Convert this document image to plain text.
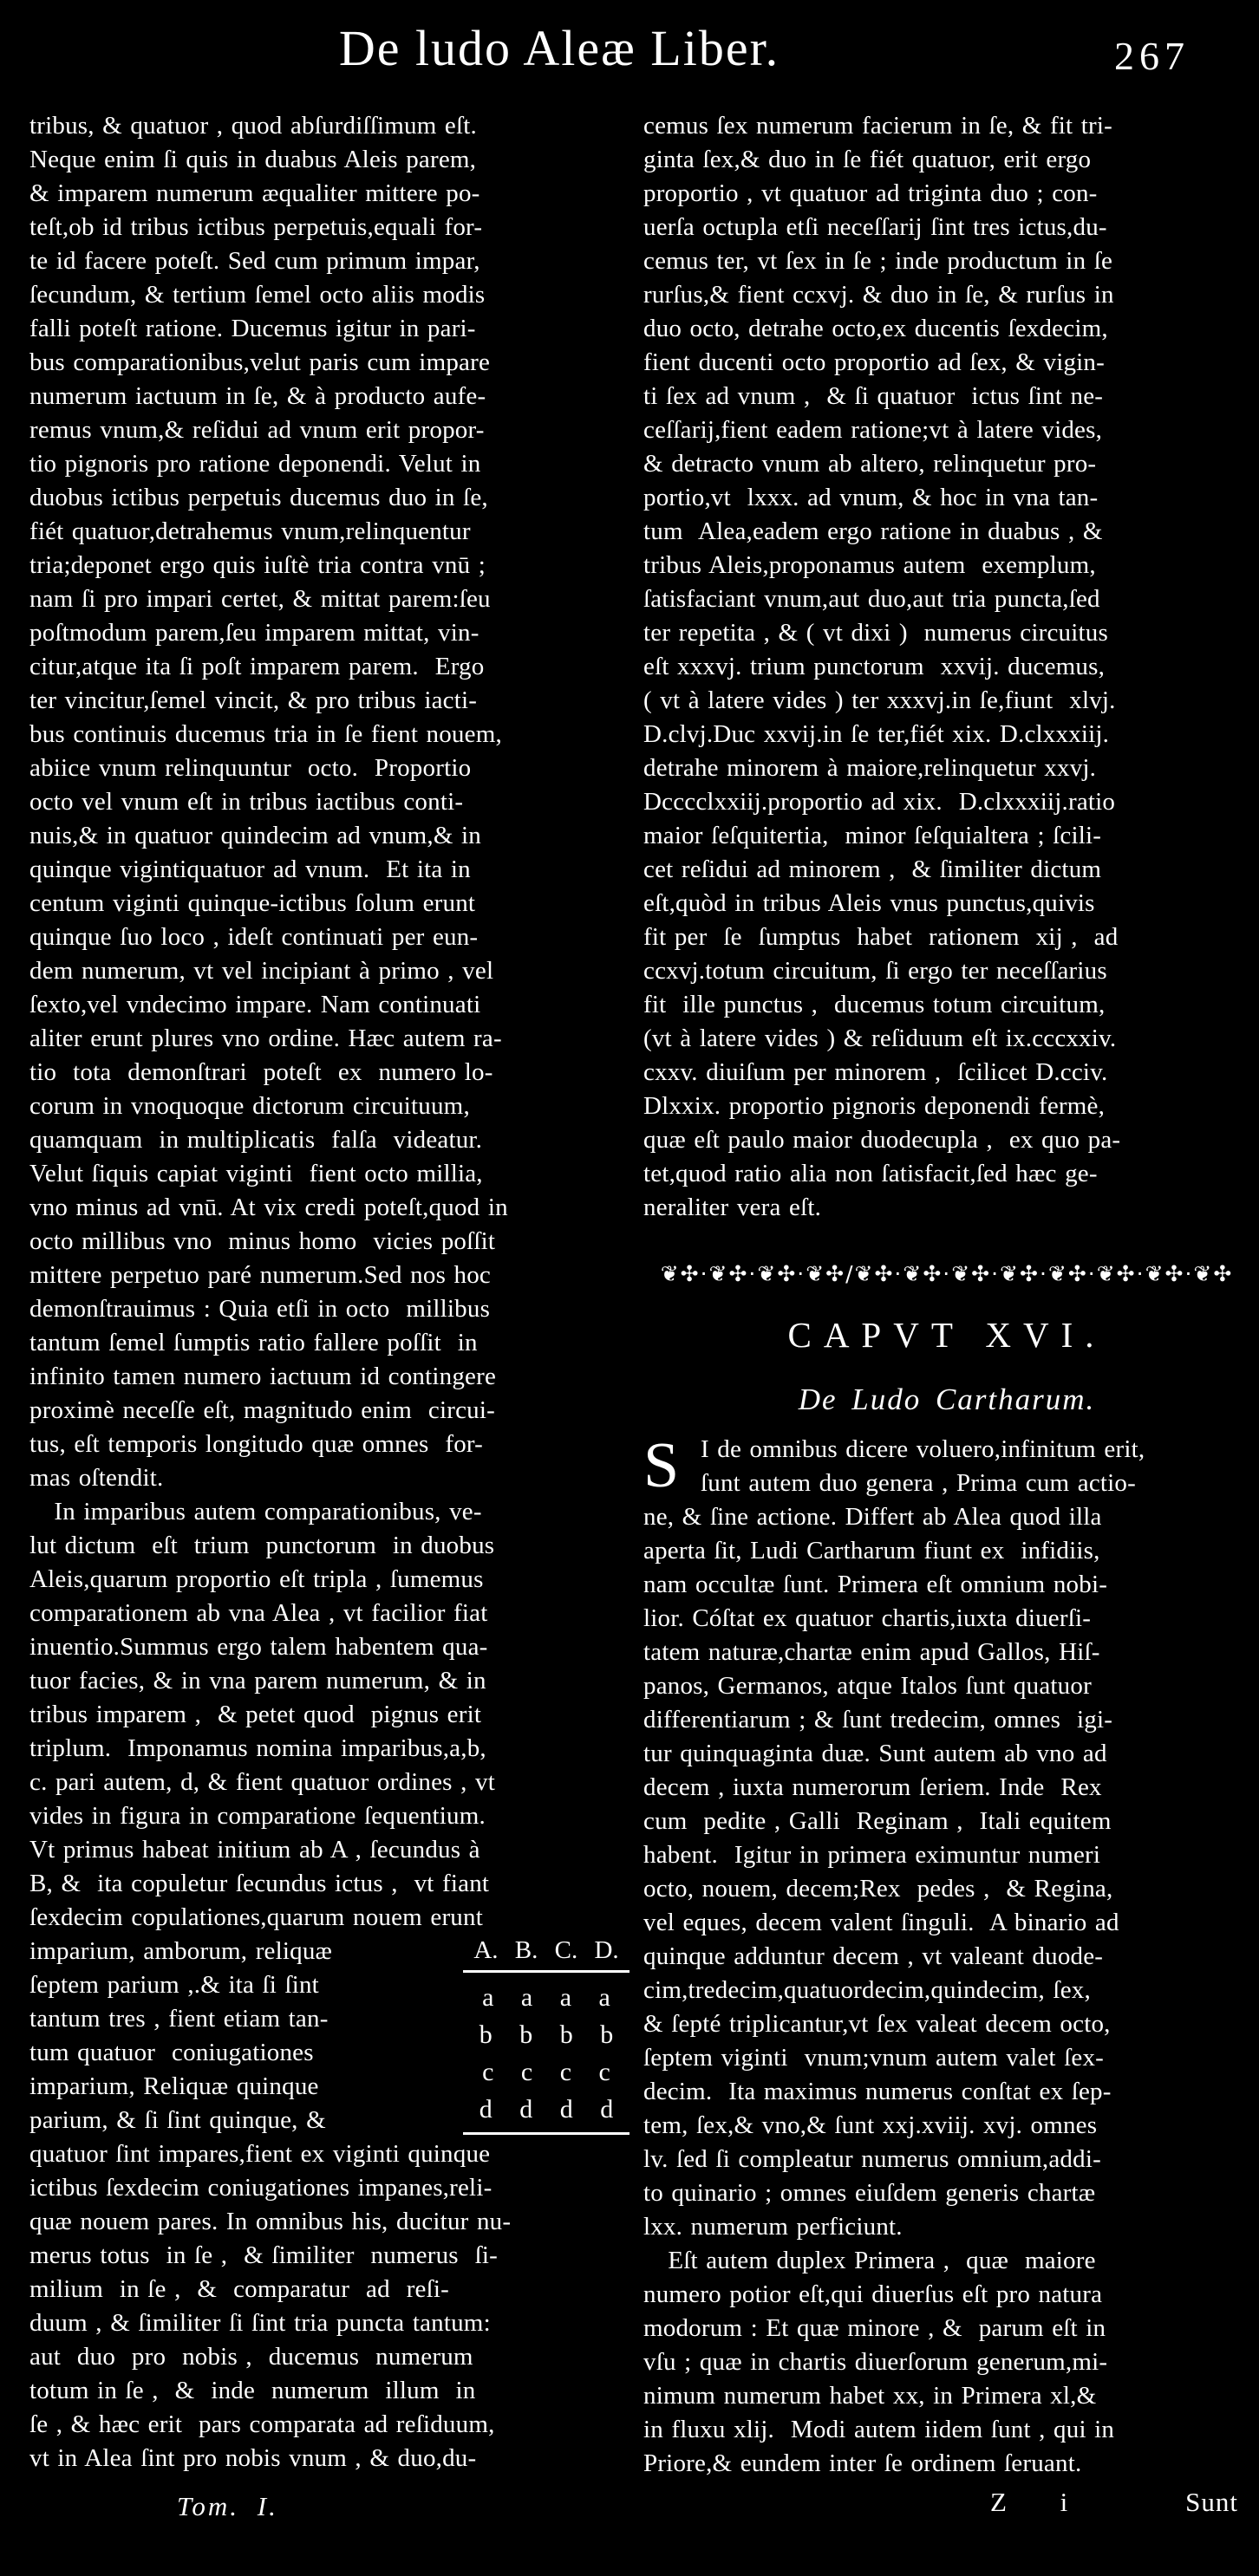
De ludo Aleæ Liber.	267
tribus, & quatuor , quod abſurdiſſimum eſt.
Neque enim ſi quis in duabus Aleis parem,
& imparem numerum æqualiter mittere po-
teſt,ob id tribus ictibus perpetuis,equali for-
te id facere poteſt. Sed cum primum impar,
ſecundum, & tertium ſemel octo aliis modis
falli poteſt ratione. Ducemus igitur in pari-
bus comparationibus,velut paris cum impare
numerum iactuum in ſe, & à producto aufe-
remus vnum,& reſidui ad vnum erit propor-
tio pignoris pro ratione deponendi. Velut in
duobus ictibus perpetuis ducemus duo in ſe,
fiét quatuor,detrahemus vnum,relinquentur
tria;deponet ergo quis iuſtè tria contra vnū ;
nam ſi pro impari certet, & mittat parem:ſeu
poſtmodum parem,ſeu imparem mittat, vin-
citur,atque ita ſi poſt imparem parem.  Ergo
ter vincitur,ſemel vincit, & pro tribus iacti-
bus continuis ducemus tria in ſe fient nouem,
abiice vnum relinquuntur  octo.  Proportio
octo vel vnum eſt in tribus iactibus conti-
nuis,& in quatuor quindecim ad vnum,& in
quinque vigintiquatuor ad vnum.  Et ita in
centum viginti quinque-ictibus ſolum erunt
quinque ſuo loco , ideſt continuati per eun-
dem numerum, vt vel incipiant à primo , vel
ſexto,vel vndecimo impare. Nam continuati
aliter erunt plures vno ordine. Hæc autem ra-
tio  tota  demonſtrari  poteſt  ex  numero lo-
corum in vnoquoque dictorum circuituum,
quamquam  in multiplicatis  falſa  videatur.
Velut ſiquis capiat viginti  fient octo millia,
vno minus ad vnū. At vix credi poteſt,quod in
octo millibus vno  minus homo  vicies poſſit
mittere perpetuo paré numerum.Sed nos hoc
demonſtrauimus : Quia etſi in octo  millibus
tantum ſemel ſumptis ratio fallere poſſit  in
infinito tamen numero iactuum id contingere
proximè neceſſe eſt, magnitudo enim  circui-
tus, eſt temporis longitudo quæ omnes  for-
mas oſtendit.
In imparibus autem comparationibus, ve-
lut dictum  eſt  trium  punctorum  in duobus
Aleis,quarum proportio eſt tripla , ſumemus
comparationem ab vna Alea , vt facilior fiat
inuentio.Summus ergo talem habentem qua-
tuor facies, & in vna parem numerum, & in
tribus imparem ,  & petet quod  pignus erit
triplum.  Imponamus nomina imparibus,a,b,
c. pari autem, d, & fient quatuor ordines , vt
vides in figura in comparatione ſequentium.
Vt primus habeat initium ab A , ſecundus à
B, &  ita copuletur ſecundus ictus ,  vt fiant
ſexdecim copulationes,quarum nouem erunt
A. B. C. D.
a a a a
b b b b
c c c c
d d d d
imparium, amborum, reliquæ
ſeptem parium ,.& ita ſi ſint
tantum tres , fient etiam tan-
tum quatuor  coniugationes
imparium, Reliquæ quinque
parium, & ſi ſint quinque, &
quatuor ſint impares,fient ex viginti quinque
ictibus ſexdecim coniugationes impanes,reli-
quæ nouem pares. In omnibus his, ducitur nu-
merus totus  in ſe ,  & ſimiliter  numerus  ſi-
milium  in ſe ,  &  comparatur  ad  reſi-
duum , & ſimiliter ſi ſint tria puncta tantum:
aut  duo  pro  nobis ,  ducemus  numerum
totum in ſe ,  &  inde  numerum  illum  in
ſe , & hæc erit  pars comparata ad reſiduum,
vt in Alea ſint pro nobis vnum , & duo,du-
Tom. I.
cemus ſex numerum facierum in ſe, & fit tri-
ginta ſex,& duo in ſe fiét quatuor, erit ergo
proportio , vt quatuor ad triginta duo ; con-
uerſa octupla etſi neceſſarij ſint tres ictus,du-
cemus ter, vt ſex in ſe ; inde productum in ſe
rurſus,& fient ccxvj. & duo in ſe, & rurſus in
duo octo, detrahe octo,ex ducentis ſexdecim,
fient ducenti octo proportio ad ſex, & vigin-
ti ſex ad vnum ,  & ſi quatuor  ictus ſint ne-
ceſſarij,fient eadem ratione;vt à latere vides,
& detracto vnum ab altero, relinquetur pro-
portio,vt  lxxx. ad vnum, & hoc in vna tan-
tum  Alea,eadem ergo ratione in duabus , &
tribus Aleis,proponamus autem  exemplum,
ſatisfaciant vnum,aut duo,aut tria puncta,ſed
ter repetita , & ( vt dixi )  numerus circuitus
eſt xxxvj. trium punctorum  xxvij. ducemus,
( vt à latere vides ) ter xxxvj.in ſe,fiunt  xlvj.
D.clvj.Duc xxvij.in ſe ter,fiét xix. D.clxxxiij.
detrahe minorem à maiore,relinquetur xxvj.
Dcccclxxiij.proportio ad xix.  D.clxxxiij.ratio
maior ſeſquitertia,  minor ſeſquialtera ; ſcili-
cet reſidui ad minorem ,  & ſimiliter dictum
eſt,quòd in tribus Aleis vnus punctus,quivis
fit per  ſe  ſumptus  habet  rationem  xij ,  ad
ccxvj.totum circuitum, ſi ergo ter neceſſarius
fit  ille punctus ,  ducemus totum circuitum,
(vt à latere vides ) & reſiduum eſt ix.cccxxiv.
cxxv. diuiſum per minorem ,  ſcilicet D.cciv.
Dlxxix. proportio pignoris deponendi fermè,
quæ eſt paulo maior duodecupla ,  ex quo pa-
tet,quod ratio alia non ſatisfacit,ſed hæc ge-
neraliter vera eſt.
❦✣·❦✣·❦✣·❦✣/❦✣·❦✣·❦✣·❦✣·❦✣·❦✣·❦✣·❦✣
CAPVT XVI.
De Ludo Cartharum.
S I de omnibus dicere voluero,infinitum erit,
ſunt autem duo genera , Prima cum actio-
ne, & ſine actione. Differt ab Alea quod illa
aperta ſit, Ludi Cartharum fiunt ex  infidiis,
nam occultæ ſunt. Primera eſt omnium nobi-
lior. Cóſtat ex quatuor chartis,iuxta diuerſi-
tatem naturæ,chartæ enim apud Gallos, Hiſ-
panos, Germanos, atque Italos ſunt quatuor
differentiarum ; & ſunt tredecim, omnes  igi-
tur quinquaginta duæ. Sunt autem ab vno ad
decem , iuxta numerorum ſeriem. Inde  Rex
cum  pedite , Galli  Reginam ,  Itali equitem
habent.  Igitur in primera eximuntur numeri
octo, nouem, decem;Rex  pedes ,  & Regina,
vel eques, decem valent ſinguli.  A binario ad
quinque adduntur decem , vt valeant duode-
cim,tredecim,quatuordecim,quindecim, ſex,
& ſepté triplicantur,vt ſex valeat decem octo,
ſeptem viginti  vnum;vnum autem valet ſex-
decim.  Ita maximus numerus conſtat ex ſep-
tem, ſex,& vno,& ſunt xxj.xviij. xvj. omnes
lv. ſed ſi compleatur numerus omnium,addi-
to quinario ; omnes eiuſdem generis chartæ
lxx. numerum perficiunt.
Eſt autem duplex Primera ,  quæ  maiore
numero potior eſt,qui diuerſus eſt pro natura
modorum : Et quæ minore , &  parum eſt in
vſu ; quæ in chartis diuerſorum generum,mi-
nimum numerum habet xx, in Primera xl,&
in fluxu xlij.  Modi autem iidem ſunt , qui in
Priore,& eundem inter ſe ordinem ſeruant.
Z i	Sunt
